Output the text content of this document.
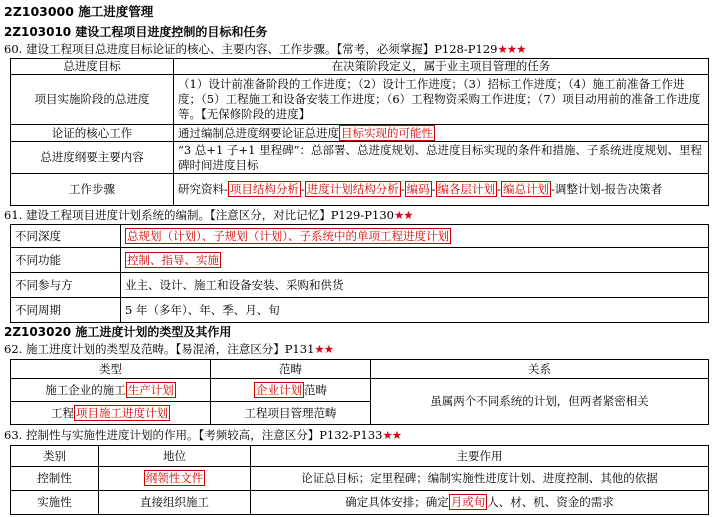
2Z103000 施工进度管理
2Z103010 建设工程项目进度控制的目标和任务
60. 建设工程项目总进度目标论证的核心、主要内容、工作步骤。【常考，必须掌握】P128-P129★★★
总进度目标	在决策阶段定义，属于业主项目管理的任务
项目实施阶段的总进度	（1）设计前准备阶段的工作进度；（2）设计工作进度；（3）招标工作进度；（4）施工前准备工作进度；（5）工程施工和设备安装工作进度；（6）工程物资采购工作进度；（7）项目动用前的准备工作进度等。【无保修阶段的进度】
论证的核心工作	通过编制总进度纲要论证总进度 目标实现的可能性
总进度纲要主要内容	“3 总+1 子+1 里程碑”：总部署、总进度规划、总进度目标实现的条件和措施、子系统进度规划、里程碑时间进度目标
工作步骤	研究资料- 项目结构分析 - 进度计划结构分析 - 编码 - 编各层计划 - 编总计划 -调整计划-报告决策者
61. 建设工程项目进度计划系统的编制。【注意区分，对比记忆】P129-P130★★
不同深度	总规划（计划）、子规划（计划）、子系统中的单项工程进度计划
不同功能	控制、指导、实施
不同参与方	业主、设计、施工和设备安装、采购和供货
不同周期	5 年（多年）、年、季、月、旬
2Z103020 施工进度计划的类型及其作用
62. 施工进度计划的类型及范畴。【易混淆，注意区分】P131★★
类型	范畴	关系
施工企业的施工 生产计划	企业计划 范畴	虽属两个不同系统的计划，但两者紧密相关
工程 项目施工进度计划	工程项目管理范畴	
63. 控制性与实施性进度计划的作用。【考频较高，注意区分】P132-P133★★
类别	地位	主要作用
控制性	纲领性文件	论证总目标；定里程碑；编制实施性进度计划、进度控制、其他的依据
实施性	直接组织施工	确定具体安排；确定 月或旬 人、材、机、资金的需求
